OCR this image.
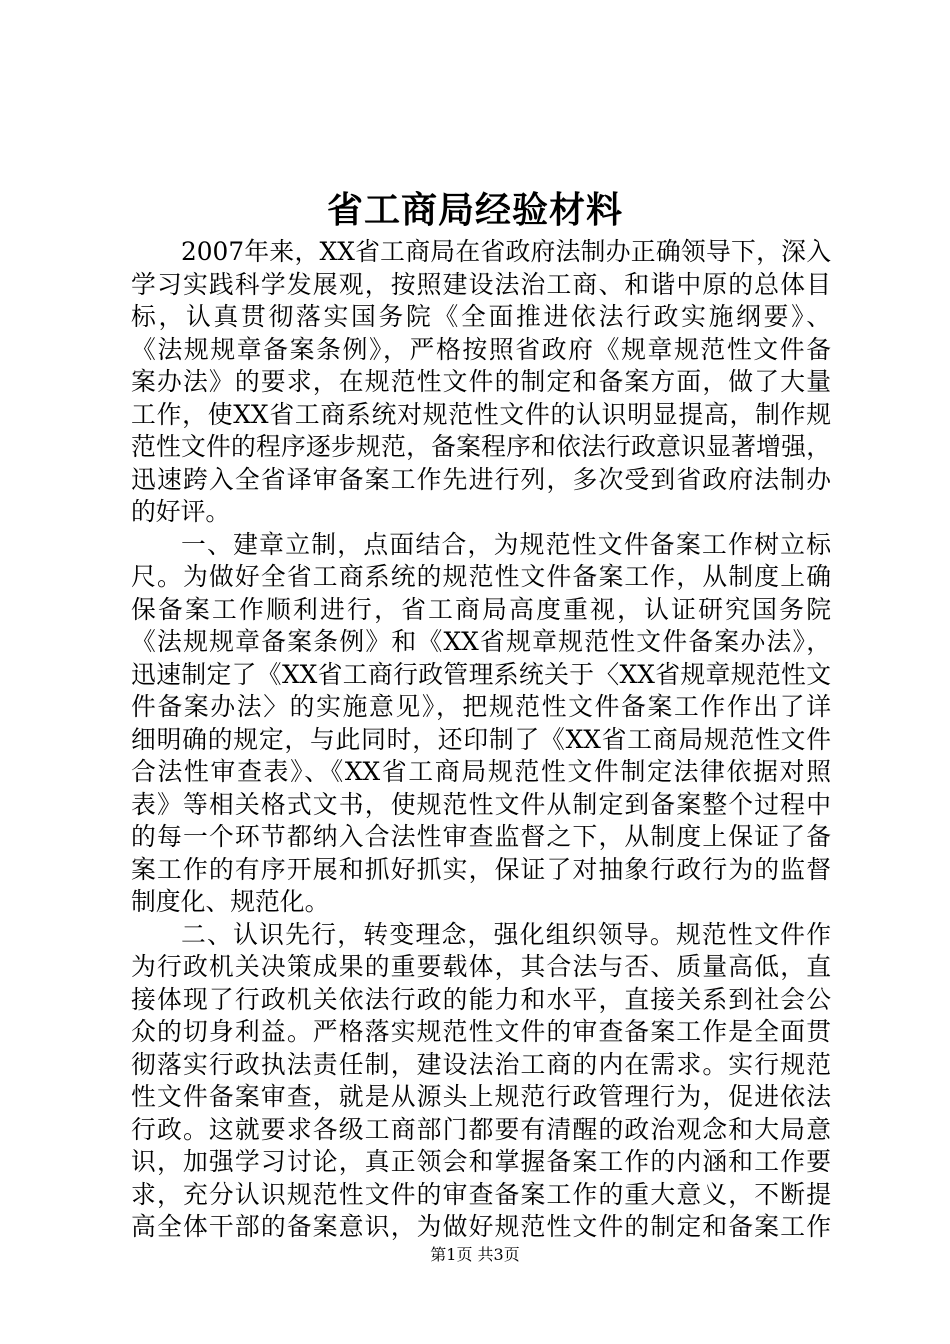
省工商局经验材料
2007年来，XX省工商局在省政府法制办正确领导下，深入
学习实践科学发展观，按照建设法治工商、和谐中原的总体目
标，认真贯彻落实国务院《全面推进依法行政实施纲要》、
《法规规章备案条例》，严格按照省政府《规章规范性文件备
案办法》的要求，在规范性文件的制定和备案方面，做了大量
工作，使XX省工商系统对规范性文件的认识明显提高，制作规
范性文件的程序逐步规范，备案程序和依法行政意识显著增强，
迅速跨入全省译审备案工作先进行列，多次受到省政府法制办
的好评。
一、建章立制，点面结合，为规范性文件备案工作树立标
尺。为做好全省工商系统的规范性文件备案工作，从制度上确
保备案工作顺利进行，省工商局高度重视，认证研究国务院
《法规规章备案条例》和《XX省规章规范性文件备案办法》，
迅速制定了《XX省工商行政管理系统关于〈XX省规章规范性文
件备案办法〉的实施意见》，把规范性文件备案工作作出了详
细明确的规定，与此同时，还印制了《XX省工商局规范性文件
合法性审查表》、《XX省工商局规范性文件制定法律依据对照
表》等相关格式文书，使规范性文件从制定到备案整个过程中
的每一个环节都纳入合法性审查监督之下，从制度上保证了备
案工作的有序开展和抓好抓实，保证了对抽象行政行为的监督
制度化、规范化。
二、认识先行，转变理念，强化组织领导。规范性文件作
为行政机关决策成果的重要载体，其合法与否、质量高低，直
接体现了行政机关依法行政的能力和水平，直接关系到社会公
众的切身利益。严格落实规范性文件的审查备案工作是全面贯
彻落实行政执法责任制，建设法治工商的内在需求。实行规范
性文件备案审查，就是从源头上规范行政管理行为，促进依法
行政。这就要求各级工商部门都要有清醒的政治观念和大局意
识，加强学习讨论，真正领会和掌握备案工作的内涵和工作要
求，充分认识规范性文件的审查备案工作的重大意义，不断提
高全体干部的备案意识，为做好规范性文件的制定和备案工作
第1页 共3页
